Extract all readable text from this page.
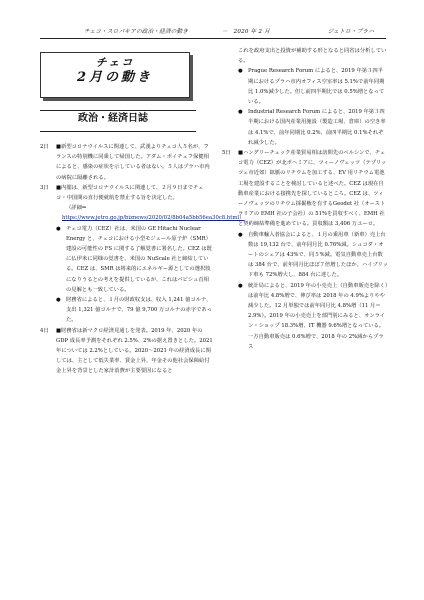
チェコ・スロバキアの政治・経済の動き	－　2020 年 2 月	ジェトロ・プラハ
チェコ
2月の動き
政治・経済日誌
2日 ■新型コロナウイルスに関連して、武漢よりチェコ人５名が、フランスの特別機に同乗して帰国した。アダム・ボイチェフ保健相によると、感染の症状を示している者はない。５人はプラハ市内の病院に隔離される。
3日 ■内閣は、新型コロナウイルスに関連して、２月９日までチェコ・中国間の直行便就航を禁止する旨を決定した。
（詳細⇒
https://www.jetro.go.jp/biznews/2020/02/8b04a5bb56ea30c8.html）
● チェコ電力（CEZ）社は、米国の GE Hitachi Nuclear Energy と、チェコにおける小型モジュール原子炉（SMR）建設の可能性の FS に関する了解覚書に署名した。CEZ は既に仏伊米に同様の覚書を、米国の NuScale 社と締結している。CEZ は、SMR は将来的にエネルギー源としての選択肢になりうるとの考えを提供しているが、これはバビシュ首相の見解とも一致している。
● 財務省によると、１月の財政収支は、収入 1,241 億コルナ、支出 1,321 億コルナで、79 億 9,700 万コルナの赤字であった。
4日 ■財務省は新マクロ経済見通しを発表。2019 年、2020 年の GDP 成長率予測をそれぞれ 2.5%、2%の据え置きとした。2021 年については 2.2%としている。2020～2021 年の経済成長に関しては、主として低失業率、賃金上昇、年金その他社会保障給付金上昇を背景とした家計消費が主要要因になると
これを政府支出と投資が補助する形となると同省は分析している。
● Prague Research Forum によると、2019 年第３四半期におけるプラハ市内オフィス空室率は 5.1%で前年同期比 1.0%減少した。但し前四半期比では 0.5%増となっている。
● Industrial Research Forum によると、2019 年第３四半期における国内産業用施設（製造工場、倉庫）の空き率は 4.1%で、前年同期比 0.2%、前四半期比 0.1%それぞれ減少した。
5日 ■ハングリーチェック産業貿易相は訪問先のペルシンで、チェコ電力（CEZ）が北ボヘミアに、ツィーノヴェッツ（テプリッツェ市近郊）鉱脈のリチウムを加工する、EV 用リチウム電池工場を建設することを検討していると述べた。CEZ は現在自動車産業における接携先を探しているところ。CEZ は、ツィーノヴェッツのリチウム採掘権を有するGeodet 社（オーストラリアの EMH 社の子会社）の 51%を買収すべく、EMH 社と契約締結準備を進めている。買収額は 3,406 万ユーロ。
● 自動車輸入者協会によると、１月の乗用車（新車）売上台数は 19,132 台で、前年同月比 0.76%減。シュコダ・オートのシェアは 43%で、同５%減。電気自動車売上台数は 384 台で、前年同月比ほぼ７倍増したほか、ハイブリッド車も 72%増大し、884 台に達した。
● 統計局によると、2019 年の小売売上（自動車販売を除く）は前年比 4.8%増で、伸び率は 2018 年の 4.9%よりやや減少した。12 月単独では前年同月比 4.8%増（11 月＝2.9%）。2019 年の小売売上を部門別にみると、オンライン・ショップ 18.3%増、IT 機器 9.6%増となっている。一方自動車販売は 0.6%増で、2018 年の 2%減からプラス
